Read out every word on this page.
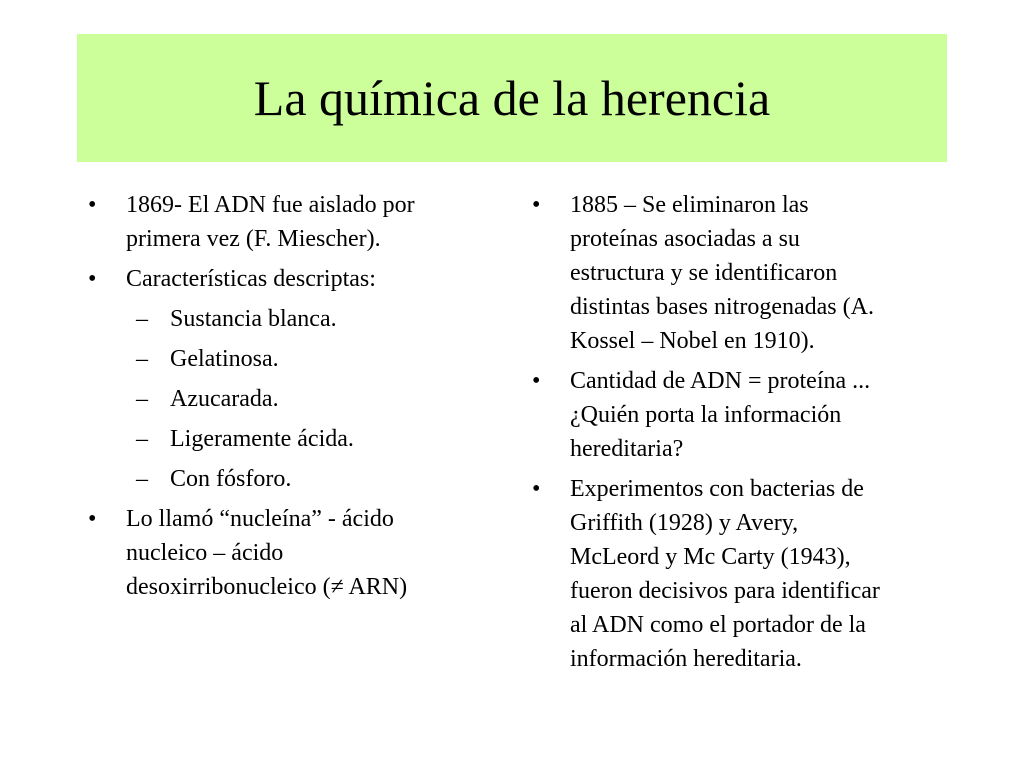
La química de la herencia
•	1869- El ADN fue aislado por
primera vez (F. Miescher).
•	Características descriptas:
– Sustancia blanca.
– Gelatinosa.
– Azucarada.
– Ligeramente ácida.
– Con fósforo.
•	Lo llamó “nucleína” - ácido
nucleico – ácido
desoxirribonucleico (≠ ARN)
•	1885 – Se eliminaron las
proteínas asociadas a su
estructura y se identificaron
distintas bases nitrogenadas (A.
Kossel – Nobel en 1910).
•	Cantidad de ADN = proteína ...
¿Quién porta la información
hereditaria?
•	Experimentos con bacterias de
Griffith (1928) y Avery,
McLeord y Mc Carty (1943),
fueron decisivos para identificar
al ADN como el portador de la
información hereditaria.
